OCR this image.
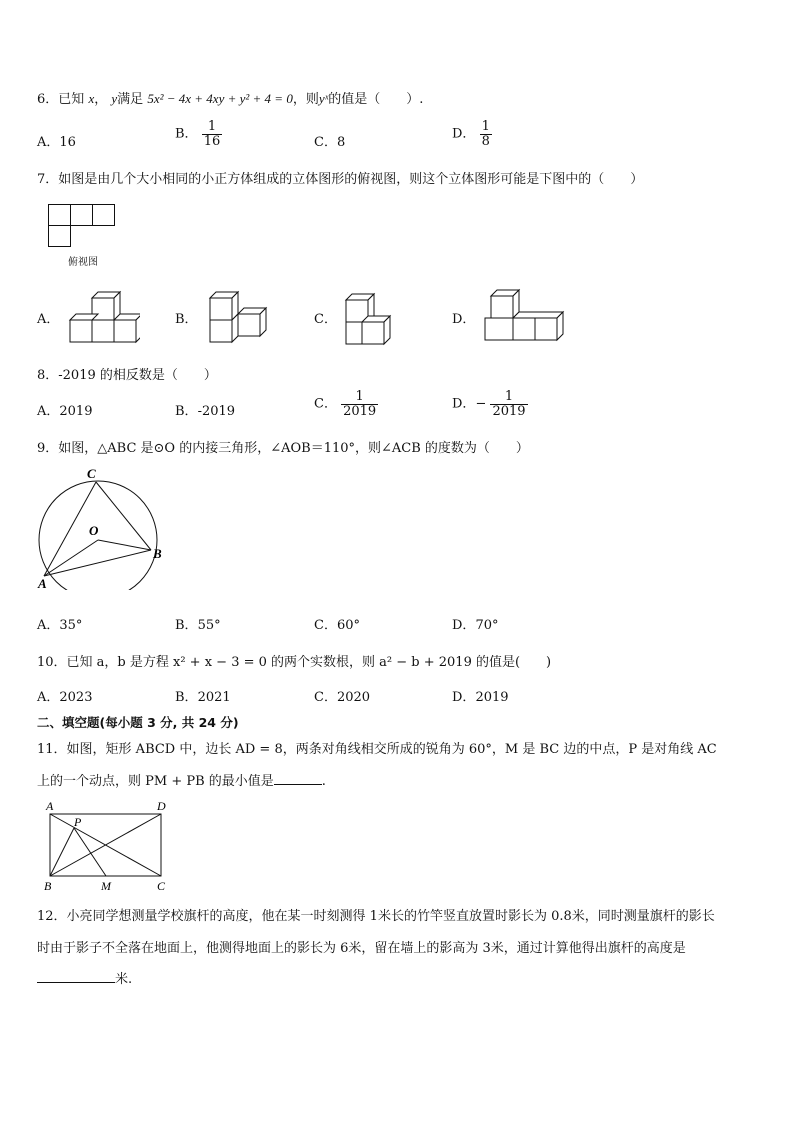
6．已知 x， y满足 5x² − 4x + 4xy + y² + 4 = 0，则yˣ的值是（　　）.
A．16
B． $\frac{1}{16}$	C．8
D． $\frac{1}{8}$
7．如图是由几个大小相同的小正方体组成的立体图形的俯视图，则这个立体图形可能是下图中的（　　）
俯视图
A．	B．	C．	D．
8．-2019 的相反数是（　　）
A．2019	B．-2019	C． $\frac{1}{2019}$	D．− $\frac{1}{2019}$
9．如图，△ABC 是⊙O 的内接三角形，∠AOB＝110°，则∠ACB 的度数为（　　）
C
O
B
A
A．35°	B．55°	C．60°	D．70°
10．已知 a，b 是方程 x² + x − 3 = 0 的两个实数根，则 a² − b + 2019 的值是(　　)
A．2023	B．2021	C．2020	D．2019
二、填空题(每小题 3 分, 共 24 分)
11．如图，矩形 ABCD 中，边长 AD = 8，两条对角线相交所成的锐角为 60°，M 是 BC 边的中点，P 是对角线 AC
上的一个动点，则 PM + PB 的最小值是	.
A
P
D
B	M	C
12．小亮同学想测量学校旗杆的高度，他在某一时刻测得 1米长的竹竿竖直放置时影长为 0.8米，同时测量旗杆的影长
时由于影子不全落在地面上，他测得地面上的影长为 6米，留在墙上的影高为 3米，通过计算他得出旗杆的高度是
米.
